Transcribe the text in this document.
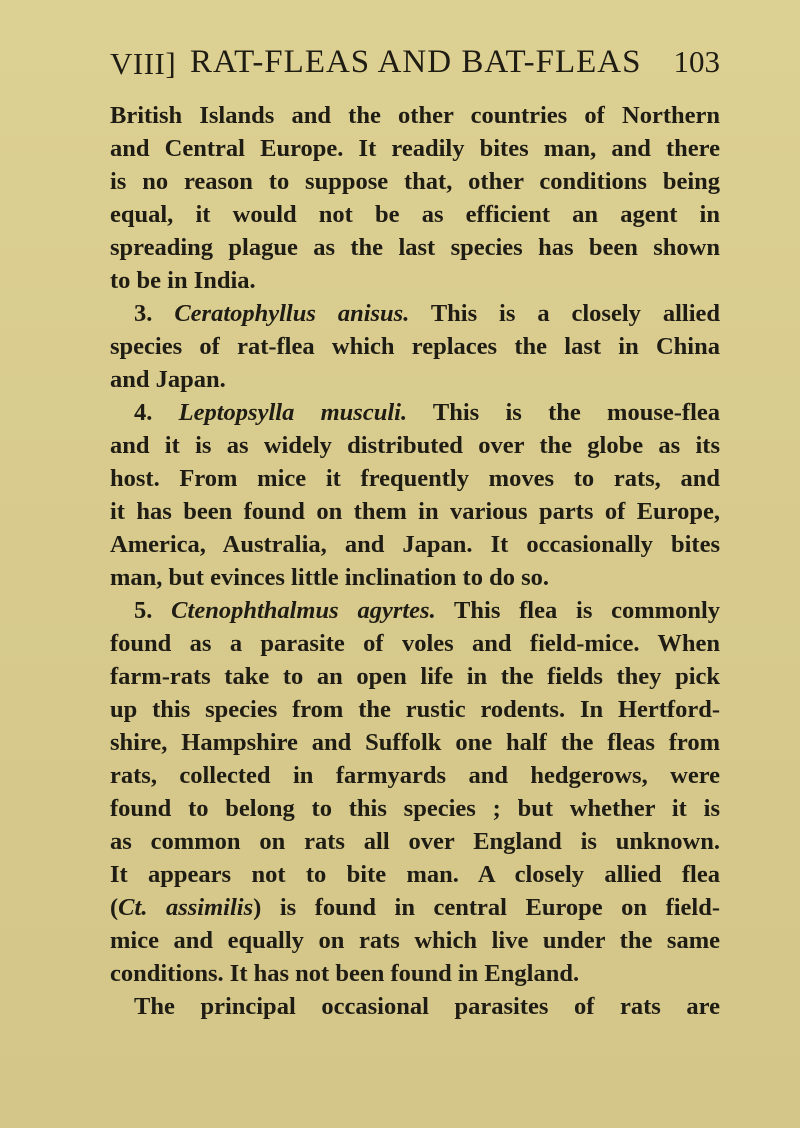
VIII] RAT-FLEAS AND BAT-FLEAS 103
British Islands and the other countries of Northern
and Central Europe. It readily bites man, and there
is no reason to suppose that, other conditions being
equal, it would not be as efficient an agent in
spreading plague as the last species has been shown
to be in India.
3. Ceratophyllus anisus. This is a closely allied
species of rat-flea which replaces the last in China
and Japan.
4. Leptopsylla musculi. This is the mouse-flea
and it is as widely distributed over the globe as its
host. From mice it frequently moves to rats, and
it has been found on them in various parts of Europe,
America, Australia, and Japan. It occasionally bites
man, but evinces little inclination to do so.
5. Ctenophthalmus agyrtes. This flea is commonly
found as a parasite of voles and field-mice. When
farm-rats take to an open life in the fields they pick
up this species from the rustic rodents. In Hertford-
shire, Hampshire and Suffolk one half the fleas from
rats, collected in farmyards and hedgerows, were
found to belong to this species ; but whether it is
as common on rats all over England is unknown.
It appears not to bite man. A closely allied flea
(Ct. assimilis) is found in central Europe on field-
mice and equally on rats which live under the same
conditions. It has not been found in England.
The principal occasional parasites of rats are
